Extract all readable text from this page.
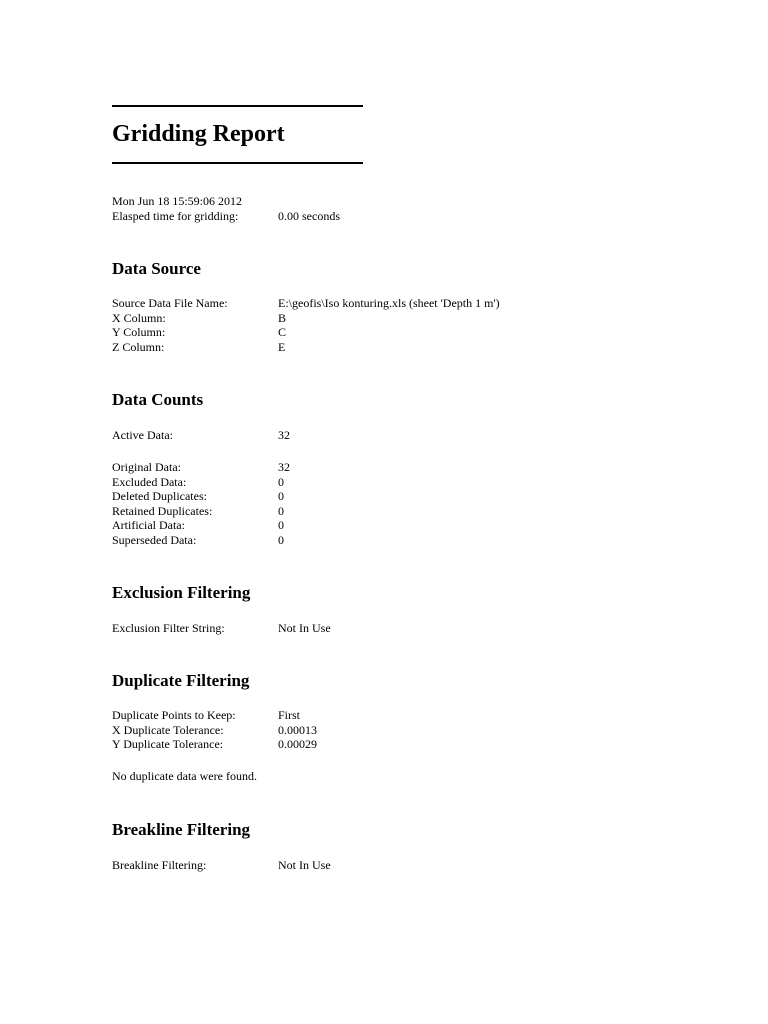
Gridding Report
Mon Jun 18 15:59:06 2012
Elasped time for gridding:	0.00 seconds
Data Source
Source Data File Name:	E:\geofis\Iso konturing.xls (sheet 'Depth 1 m')
X Column:	B
Y Column:	C
Z Column:	E
Data Counts
Active Data:	32
Original Data:	32
Excluded Data:	0
Deleted Duplicates:	0
Retained Duplicates:	0
Artificial Data:	0
Superseded Data:	0
Exclusion Filtering
Exclusion Filter String:	Not In Use
Duplicate Filtering
Duplicate Points to Keep:	First
X Duplicate Tolerance:	0.00013
Y Duplicate Tolerance:	0.00029
No duplicate data were found.
Breakline Filtering
Breakline Filtering:	Not In Use
